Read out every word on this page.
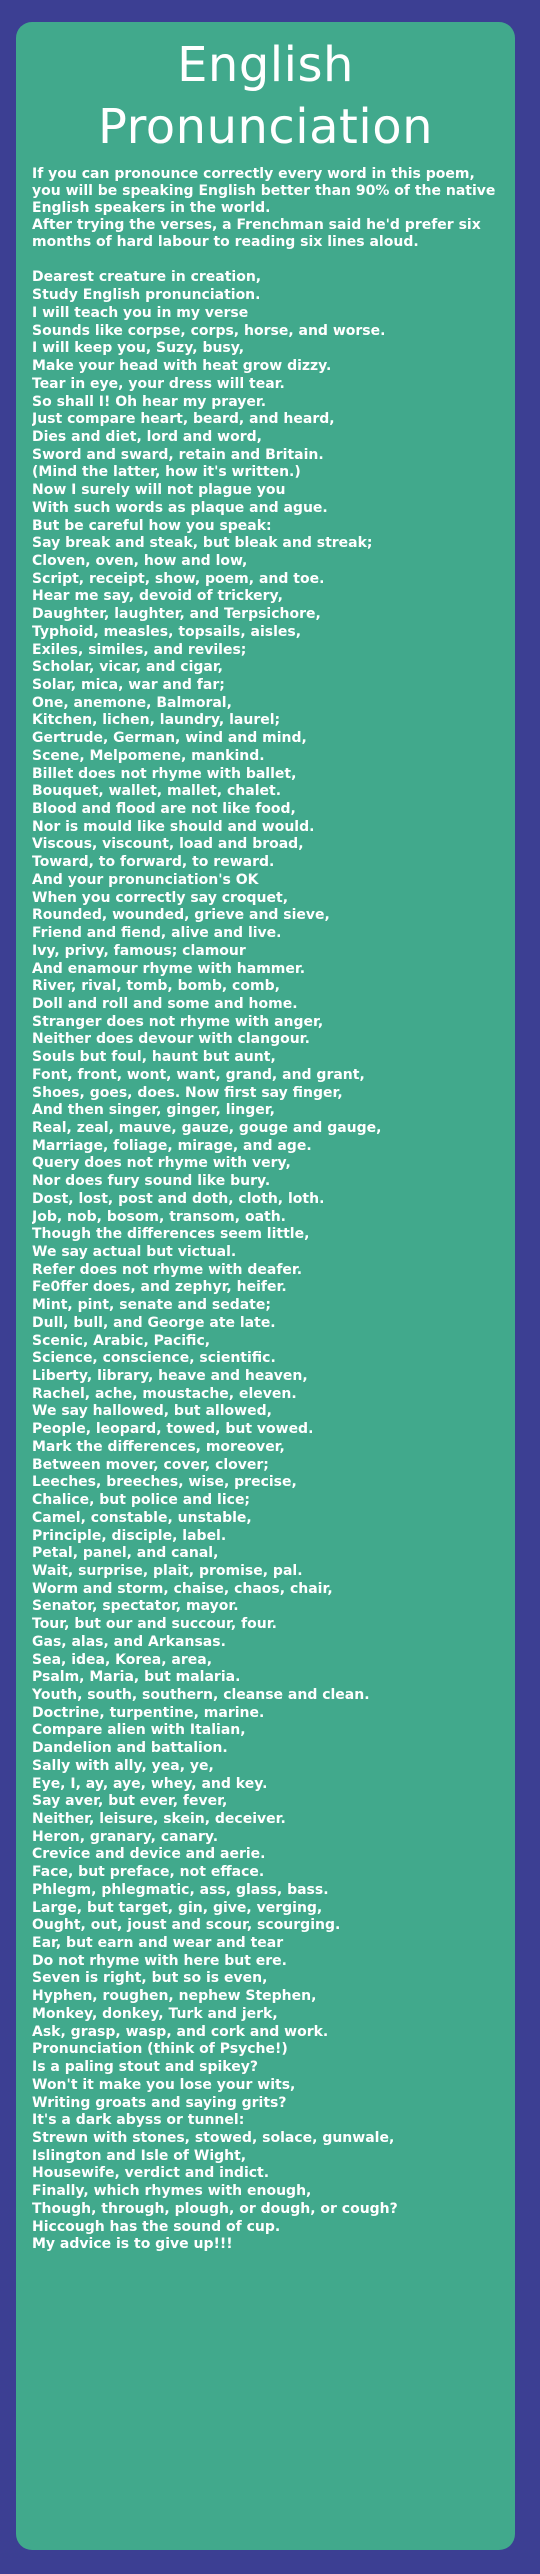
English Pronunciation

If you can pronounce correctly every word in this poem, you will be speaking English better than 90% of the native English speakers in the world.

After trying the verses, a Frenchman said he'd prefer six months of hard labour to reading six lines aloud.

Dearest creature in creation,
Study English pronunciation.
I will teach you in my verse
Sounds like corpse, corps, horse, and worse.
I will keep you, Suzy, busy,
Make your head with heat grow dizzy.
Tear in eye, your dress will tear.
So shall I! Oh hear my prayer.
Just compare heart, beard, and heard,
Dies and diet, lord and word,
Sword and sward, retain and Britain.
(Mind the latter, how it's written.)
Now I surely will not plague you
With such words as plaque and ague.
But be careful how you speak:
Say break and steak, but bleak and streak;
Cloven, oven, how and low,
Script, receipt, show, poem, and toe.
Hear me say, devoid of trickery,
Daughter, laughter, and Terpsichore,
Typhoid, measles, topsails, aisles,
Exiles, similes, and reviles;
Scholar, vicar, and cigar,
Solar, mica, war and far;
One, anemone, Balmoral,
Kitchen, lichen, laundry, laurel;
Gertrude, German, wind and mind,
Scene, Melpomene, mankind.
Billet does not rhyme with ballet,
Bouquet, wallet, mallet, chalet.
Blood and flood are not like food,
Nor is mould like should and would.
Viscous, viscount, load and broad,
Toward, to forward, to reward.
And your pronunciation's OK
When you correctly say croquet,
Rounded, wounded, grieve and sieve,
Friend and fiend, alive and live.
Ivy, privy, famous; clamour
And enamour rhyme with hammer.
River, rival, tomb, bomb, comb,
Doll and roll and some and home.
Stranger does not rhyme with anger,
Neither does devour with clangour.
Souls but foul, haunt but aunt,
Font, front, wont, want, grand, and grant,
Shoes, goes, does. Now first say finger,
And then singer, ginger, linger,
Real, zeal, mauve, gauze, gouge and gauge,
Marriage, foliage, mirage, and age.
Query does not rhyme with very,
Nor does fury sound like bury.
Dost, lost, post and doth, cloth, loth.
Job, nob, bosom, transom, oath.
Though the differences seem little,
We say actual but victual.
Refer does not rhyme with deafer.
Fe0ffer does, and zephyr, heifer.
Mint, pint, senate and sedate;
Dull, bull, and George ate late.
Scenic, Arabic, Pacific,
Science, conscience, scientific.
Liberty, library, heave and heaven,
Rachel, ache, moustache, eleven.
We say hallowed, but allowed,
People, leopard, towed, but vowed.
Mark the differences, moreover,
Between mover, cover, clover;
Leeches, breeches, wise, precise,
Chalice, but police and lice;
Camel, constable, unstable,
Principle, disciple, label.
Petal, panel, and canal,
Wait, surprise, plait, promise, pal.
Worm and storm, chaise, chaos, chair,
Senator, spectator, mayor.
Tour, but our and succour, four.
Gas, alas, and Arkansas.
Sea, idea, Korea, area,
Psalm, Maria, but malaria.
Youth, south, southern, cleanse and clean.
Doctrine, turpentine, marine.
Compare alien with Italian,
Dandelion and battalion.
Sally with ally, yea, ye,
Eye, I, ay, aye, whey, and key.
Say aver, but ever, fever,
Neither, leisure, skein, deceiver.
Heron, granary, canary.
Crevice and device and aerie.
Face, but preface, not efface.
Phlegm, phlegmatic, ass, glass, bass.
Large, but target, gin, give, verging,
Ought, out, joust and scour, scourging.
Ear, but earn and wear and tear
Do not rhyme with here but ere.
Seven is right, but so is even,
Hyphen, roughen, nephew Stephen,
Monkey, donkey, Turk and jerk,
Ask, grasp, wasp, and cork and work.
Pronunciation (think of Psyche!)
Is a paling stout and spikey?
Won't it make you lose your wits,
Writing groats and saying grits?
It's a dark abyss or tunnel:
Strewn with stones, stowed, solace, gunwale,
Islington and Isle of Wight,
Housewife, verdict and indict.
Finally, which rhymes with enough,
Though, through, plough, or dough, or cough?
Hiccough has the sound of cup.
My advice is to give up!!!
